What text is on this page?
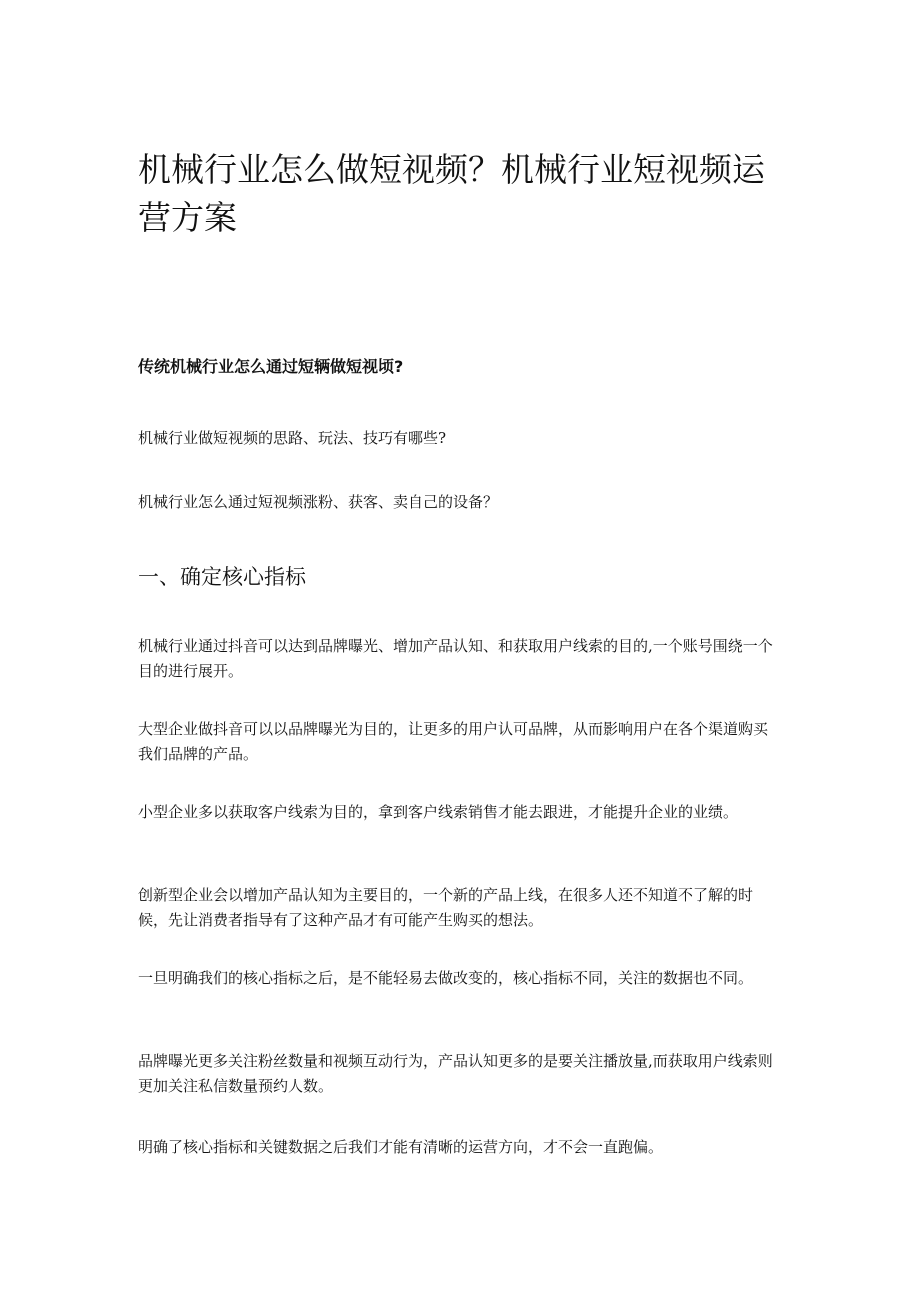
机械行业怎么做短视频？机械行业短视频运营方案

传统机械行业怎么通过短辆做短视顷?

机械行业做短视频的思路、玩法、技巧有哪些?

机械行业怎么通过短视频涨粉、获客、卖自己的设备？

一、确定核心指标

机械行业通过抖音可以达到品牌曝光、增加产品认知、和获取用户线索的目的,一个账号围绕一个目的进行展开。

大型企业做抖音可以以品牌曝光为目的，让更多的用户认可品牌，从而影响用户在各个渠道购买我们品牌的产品。

小型企业多以获取客户线索为目的，拿到客户线索销售才能去跟进，才能提升企业的业绩。

创新型企业会以增加产品认知为主要目的，一个新的产品上线，在很多人还不知道不了解的时候，先让消费者指导有了这种产品才有可能产生购买的想法。

一旦明确我们的核心指标之后，是不能轻易去做改变的，核心指标不同，关注的数据也不同。

品牌曝光更多关注粉丝数量和视频互动行为，产品认知更多的是要关注播放量,而获取用户线索则更加关注私信数量预约人数。

明确了核心指标和关键数据之后我们才能有清晰的运营方向，才不会一直跑偏。
